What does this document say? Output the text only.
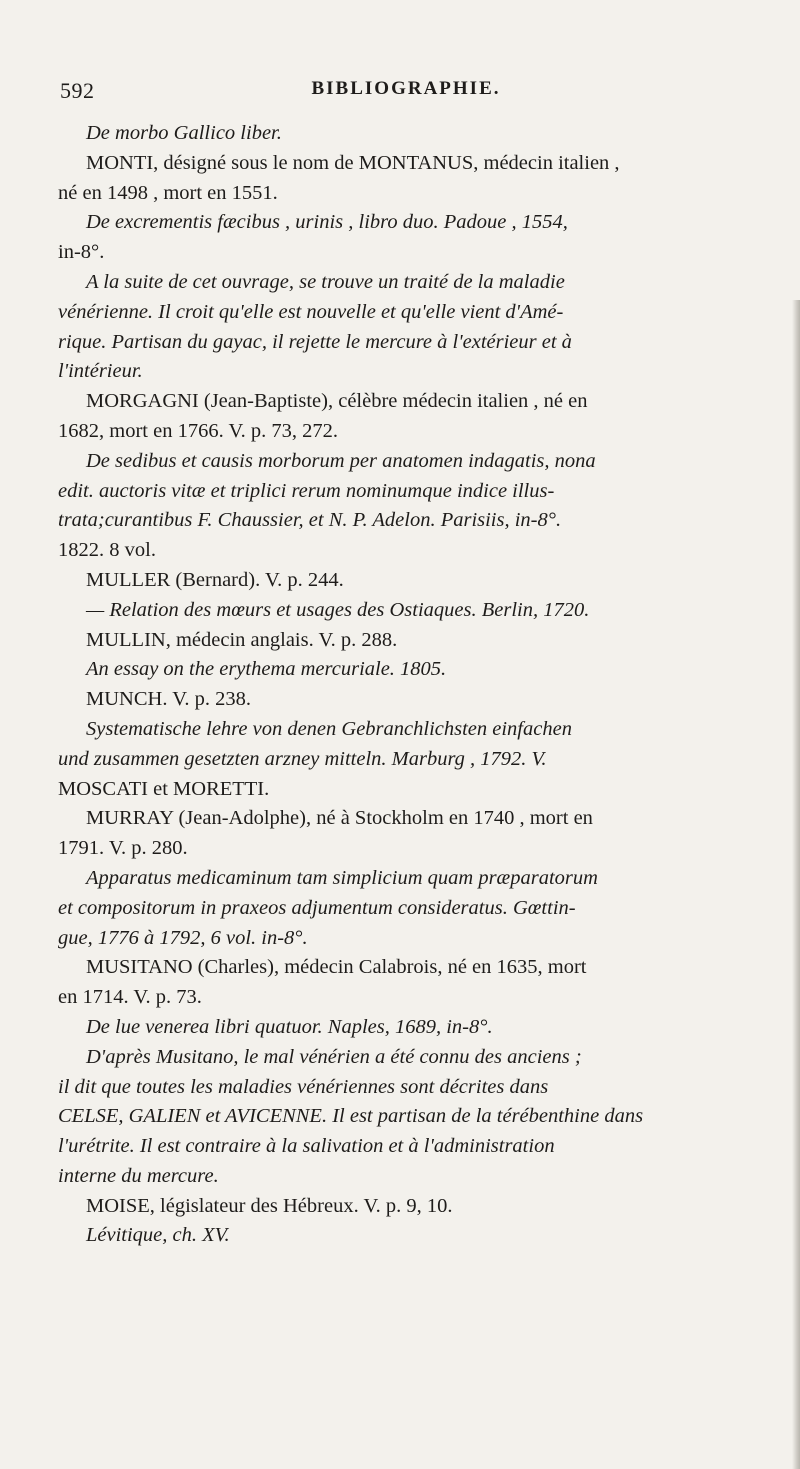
592	BIBLIOGRAPHIE.
De morbo Gallico liber.
MONTI, désigné sous le nom de MONTANUS, médecin italien ,
né en 1498 , mort en 1551.
De excrementis fæcibus , urinis , libro duo. Padoue , 1554,
in-8°.
A la suite de cet ouvrage, se trouve un traité de la maladie
vénérienne. Il croit qu'elle est nouvelle et qu'elle vient d'Amé-
rique. Partisan du gayac, il rejette le mercure à l'extérieur et à
l'intérieur.
MORGAGNI (Jean-Baptiste), célèbre médecin italien , né en
1682, mort en 1766. V. p. 73, 272.
De sedibus et causis morborum per anatomen indagatis, nona
edit. auctoris vitæ et triplici rerum nominumque indice illus-
trata;curantibus F. Chaussier, et N. P. Adelon. Parisiis, in-8°.
1822. 8 vol.
MULLER (Bernard). V. p. 244.
— Relation des mœurs et usages des Ostiaques. Berlin, 1720.
MULLIN, médecin anglais. V. p. 288.
An essay on the erythema mercuriale. 1805.
MUNCH. V. p. 238.
Systematische lehre von denen Gebranchlichsten einfachen
und zusammen gesetzten arzney mitteln. Marburg , 1792. V.
MOSCATI et MORETTI.
MURRAY (Jean-Adolphe), né à Stockholm en 1740 , mort en
1791. V. p. 280.
Apparatus medicaminum tam simplicium quam præparatorum
et compositorum in praxeos adjumentum consideratus. Gœttin-
gue, 1776 à 1792, 6 vol. in-8°.
MUSITANO (Charles), médecin Calabrois, né en 1635, mort
en 1714. V. p. 73.
De lue venerea libri quatuor. Naples, 1689, in-8°.
D'après Musitano, le mal vénérien a été connu des anciens ;
il dit que toutes les maladies vénériennes sont décrites dans
CELSE, GALIEN et AVICENNE. Il est partisan de la térébenthine dans
l'urétrite. Il est contraire à la salivation et à l'administration
interne du mercure.
MOISE, législateur des Hébreux. V. p. 9, 10.
Lévitique, ch. XV.
